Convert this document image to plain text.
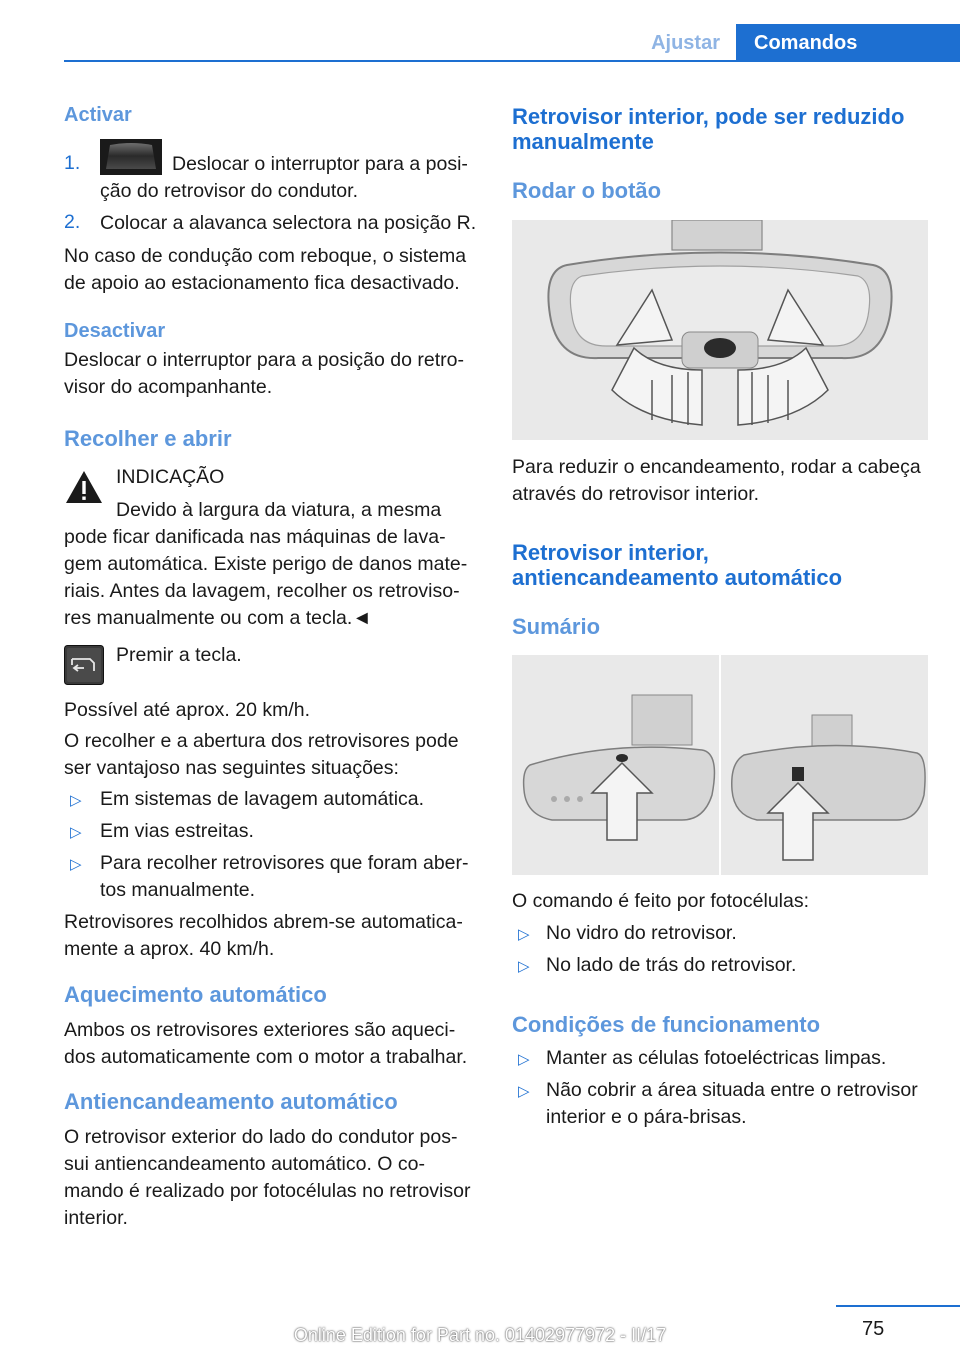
Ajustar	Comandos
Activar
1.	Deslocar o interruptor para a posi‐
ção do retrovisor do condutor.
2. Colocar a alavanca selectora na posição R.
No caso de condução com reboque, o sistema
de apoio ao estacionamento fica desactivado.
Desactivar
Deslocar o interruptor para a posição do retro‐
visor do acompanhante.
Recolher e abrir
INDICAÇÃO
Devido à largura da viatura, a mesma
pode ficar danificada nas máquinas de lava‐
gem automática. Existe perigo de danos mate‐
riais. Antes da lavagem, recolher os retroviso‐
res manualmente ou com a tecla.◄
Premir a tecla.
Possível até aprox. 20 km/h.
O recolher e a abertura dos retrovisores pode
ser vantajoso nas seguintes situações:
▷ Em sistemas de lavagem automática.
▷ Em vias estreitas.
▷ Para recolher retrovisores que foram aber‐
tos manualmente.
Retrovisores recolhidos abrem-se automatica‐
mente a aprox. 40 km/h.
Aquecimento automático
Ambos os retrovisores exteriores são aqueci‐
dos automaticamente com o motor a trabalhar.
Antiencandeamento automático
O retrovisor exterior do lado do condutor pos‐
sui antiencandeamento automático. O co‐
mando é realizado por fotocélulas no retrovisor
interior.
Retrovisor interior, pode ser reduzido
manualmente
Rodar o botão
Para reduzir o encandeamento, rodar a cabeça
através do retrovisor interior.
Retrovisor interior,
antiencandeamento automático
Sumário
O comando é feito por fotocélulas:
▷ No vidro do retrovisor.
▷ No lado de trás do retrovisor.
Condições de funcionamento
▷ Manter as células fotoeléctricas limpas.
▷ Não cobrir a área situada entre o retrovisor
interior e o pára-brisas.
75
Online Edition for Part no. 01402977972 - II/17
